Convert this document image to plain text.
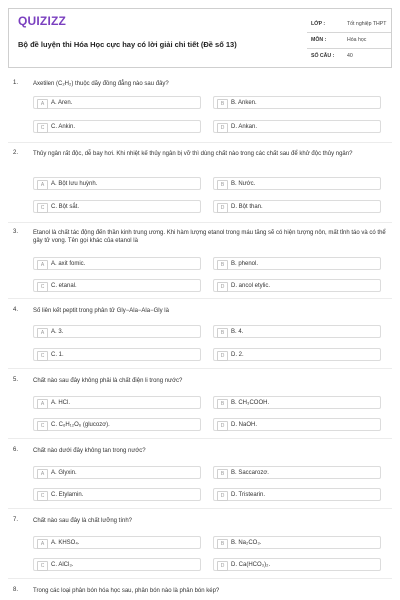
QUIZIZZ
Bộ đề luyện thi Hóa Học cực hay có lời giải chi tiết (Đề số 13)
LỚP :	Tốt nghiệp THPT
MÔN :	Hóa học
SỐ CÂU : 40
1. Axetilen (C₂H₂) thuộc dãy đồng đẳng nào sau đây?
A	A. Aren.	B	B. Anken.
C	C. Ankin.	D	D. Ankan.
2. Thủy ngân rất độc, dễ bay hơi. Khi nhiệt kế thủy ngân bị vỡ thì dùng chất nào trong các chất sau để khử độc thủy ngân?
A	A. Bột lưu huỳnh.	B	B. Nước.
C	C. Bột sắt.	D	D. Bột than.
3. Etanol là chất tác động đến thần kinh trung ương. Khi hàm lượng etanol trong máu tăng sẽ có hiện tượng nôn, mất tỉnh táo và có thể gây tử vong. Tên gọi khác của etanol là
A	A. axit fomic.	B	B. phenol.
C	C. etanal.	D	D. ancol etylic.
4. Số liên kết peptit trong phân tử Gly−Ala−Ala−Gly là
A	A. 3.	B	B. 4.
C	C. 1.	D	D. 2.
5. Chất nào sau đây không phải là chất điện li trong nước?
A	A. HCl.	B	B. CH₃COOH.
C	C. C₆H₁₂O₆ (glucozơ).	D	D. NaOH.
6. Chất nào dưới đây không tan trong nước?
A	A. Glyxin.	B	B. Saccarozơ.
C	C. Etylamin.	D	D. Tristearin.
7. Chất nào sau đây là chất lưỡng tính?
A	A. KHSO₄.	B	B. Na₂CO₃.
C	C. AlCl₃.	D	D. Ca(HCO₃)₂.
8. Trong các loại phân bón hóa học sau, phân bón nào là phân bón kép?
